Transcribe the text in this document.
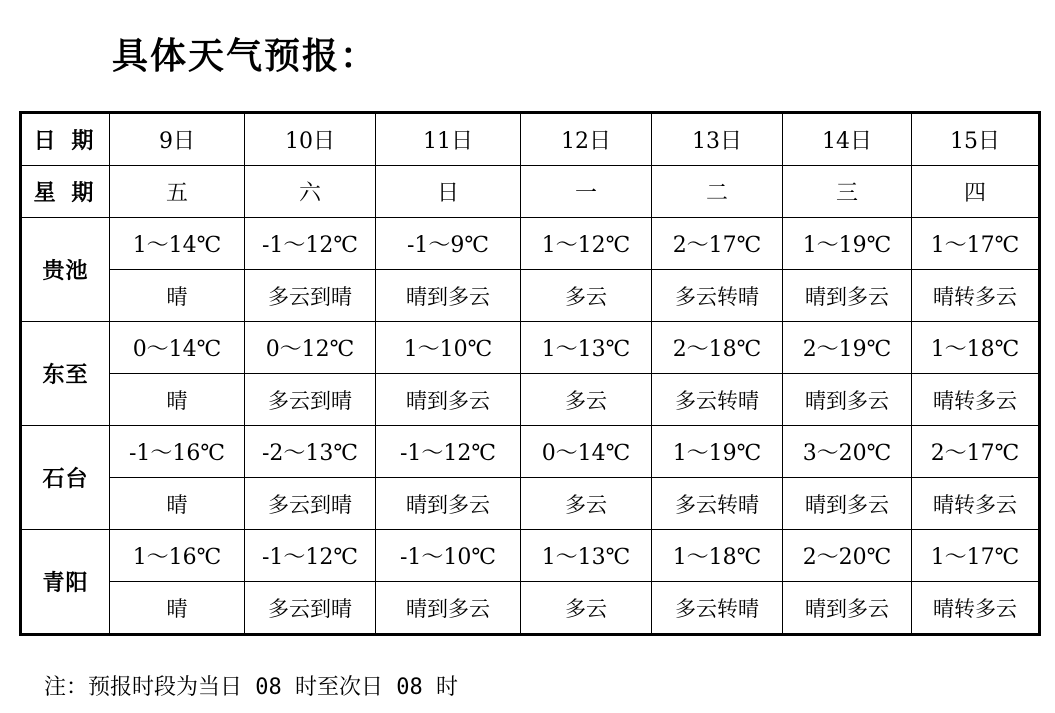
具体天气预报：
日 期	9日	10日	11日	12日	13日	14日	15日
星 期	五	六	日	一	二	三	四
贵池	1～14℃	-1～12℃	-1～9℃	1～12℃	2～17℃	1～19℃	1～17℃
	晴	多云到晴	晴到多云	多云	多云转晴	晴到多云	晴转多云
东至	0～14℃	0～12℃	1～10℃	1～13℃	2～18℃	2～19℃	1～18℃
	晴	多云到晴	晴到多云	多云	多云转晴	晴到多云	晴转多云
石台	-1～16℃	-2～13℃	-1～12℃	0～14℃	1～19℃	3～20℃	2～17℃
	晴	多云到晴	晴到多云	多云	多云转晴	晴到多云	晴转多云
青阳	1～16℃	-1～12℃	-1～10℃	1～13℃	1～18℃	2～20℃	1～17℃
	晴	多云到晴	晴到多云	多云	多云转晴	晴到多云	晴转多云
注：预报时段为当日 08 时至次日 08 时
